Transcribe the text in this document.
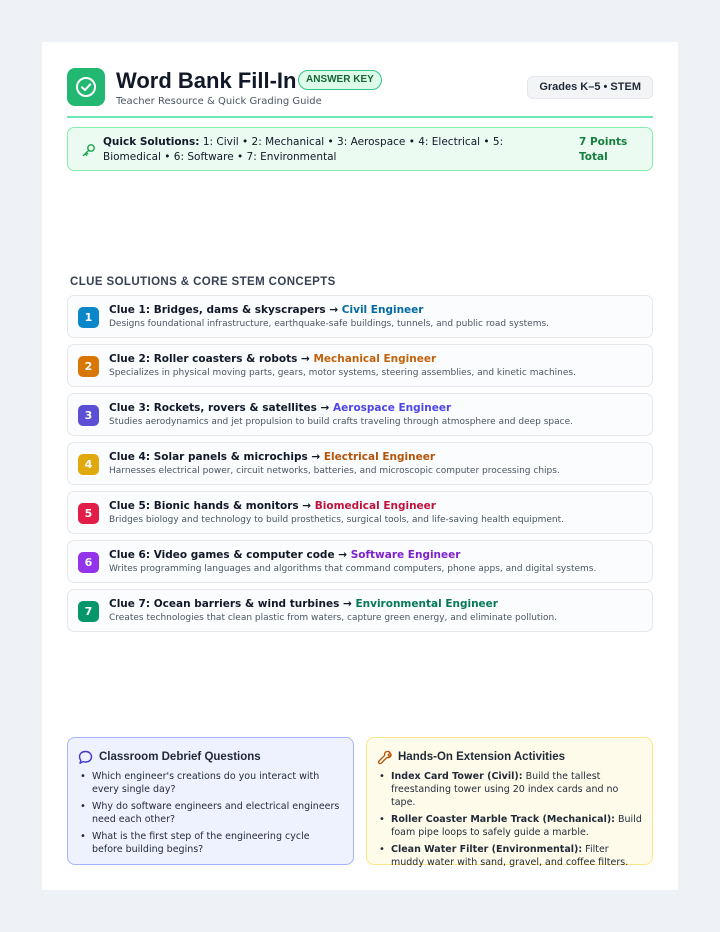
Word Bank Fill-In ANSWER KEY
Teacher Resource & Quick Grading Guide
Grades K–5 • STEM
Quick Solutions: 1: Civil • 2: Mechanical • 3: Aerospace • 4: Electrical • 5: Biomedical • 6: Software • 7: Environmental
7 Points Total
CLUE SOLUTIONS & CORE STEM CONCEPTS
1
Clue 1: Bridges, dams & skyscrapers → Civil Engineer
Designs foundational infrastructure, earthquake-safe buildings, tunnels, and public road systems.
2
Clue 2: Roller coasters & robots → Mechanical Engineer
Specializes in physical moving parts, gears, motor systems, steering assemblies, and kinetic machines.
3
Clue 3: Rockets, rovers & satellites → Aerospace Engineer
Studies aerodynamics and jet propulsion to build crafts traveling through atmosphere and deep space.
4
Clue 4: Solar panels & microchips → Electrical Engineer
Harnesses electrical power, circuit networks, batteries, and microscopic computer processing chips.
5
Clue 5: Bionic hands & monitors → Biomedical Engineer
Bridges biology and technology to build prosthetics, surgical tools, and life-saving health equipment.
6
Clue 6: Video games & computer code → Software Engineer
Writes programming languages and algorithms that command computers, phone apps, and digital systems.
7
Clue 7: Ocean barriers & wind turbines → Environmental Engineer
Creates technologies that clean plastic from waters, capture green energy, and eliminate pollution.
Classroom Debrief Questions
• Which engineer's creations do you interact with every single day?
• Why do software engineers and electrical engineers need each other?
• What is the first step of the engineering cycle before building begins?
Hands-On Extension Activities
• Index Card Tower (Civil): Build the tallest freestanding tower using 20 index cards and no tape.
• Roller Coaster Marble Track (Mechanical): Build foam pipe loops to safely guide a marble.
• Clean Water Filter (Environmental): Filter muddy water with sand, gravel, and coffee filters.
